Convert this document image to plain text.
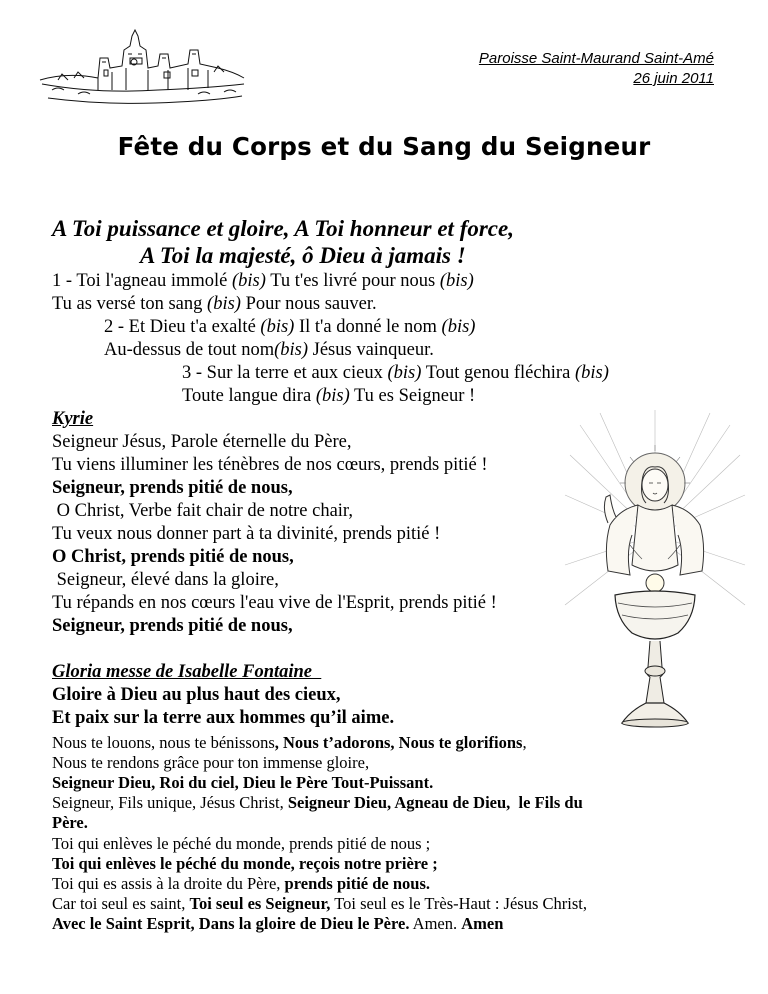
Paroisse Saint-Maurand Saint-Amé
26 juin 2011
Fête du Corps et du Sang du Seigneur
A Toi puissance et gloire, A Toi honneur et force,
A Toi la majesté, ô Dieu à jamais !
1 - Toi l'agneau immolé (bis) Tu t'es livré pour nous (bis)
Tu as versé ton sang (bis) Pour nous sauver.
2 - Et Dieu t'a exalté (bis) Il t'a donné le nom (bis)
Au-dessus de tout nom(bis) Jésus vainqueur.
3 - Sur la terre et aux cieux (bis) Tout genou fléchira (bis)
Toute langue dira (bis) Tu es Seigneur !
Kyrie
Seigneur Jésus, Parole éternelle du Père,
Tu viens illuminer les ténèbres de nos cœurs, prends pitié !
Seigneur, prends pitié de nous,
O Christ, Verbe fait chair de notre chair,
Tu veux nous donner part à ta divinité, prends pitié !
O Christ, prends pitié de nous,
Seigneur, élevé dans la gloire,
Tu répands en nos cœurs l'eau vive de l'Esprit, prends pitié !
Seigneur, prends pitié de nous,
Gloria messe de Isabelle Fontaine
Gloire à Dieu au plus haut des cieux,
Et paix sur la terre aux hommes qu’il aime.
Nous te louons, nous te bénissons, Nous t’adorons, Nous te glorifions,
Nous te rendons grâce pour ton immense gloire,
Seigneur Dieu, Roi du ciel, Dieu le Père Tout-Puissant.
Seigneur, Fils unique, Jésus Christ, Seigneur Dieu, Agneau de Dieu,  le Fils du
Père.
Toi qui enlèves le péché du monde, prends pitié de nous ;
Toi qui enlèves le péché du monde, reçois notre prière ;
Toi qui es assis à la droite du Père, prends pitié de nous.
Car toi seul es saint, Toi seul es Seigneur, Toi seul es le Très-Haut : Jésus Christ,
Avec le Saint Esprit, Dans la gloire de Dieu le Père. Amen. Amen
